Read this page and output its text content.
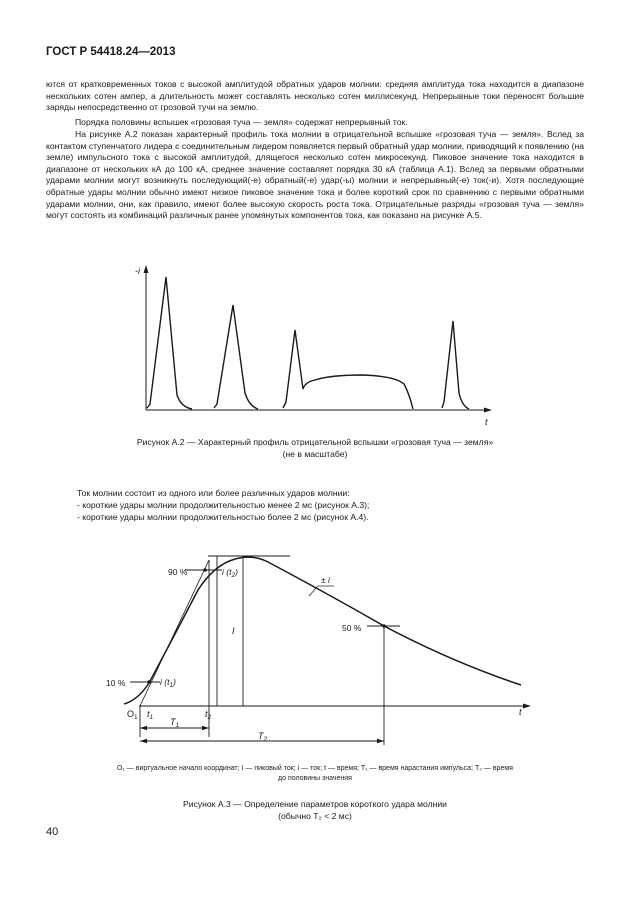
ГОСТ Р 54418.24—2013

ются от кратковременных токов с высокой амплитудой обратных ударов молнии: средняя амплитуда тока находится в диапазоне нескольких сотен ампер, а длительность может составлять несколько сотен миллисекунд. Непрерывные токи переносят большие заряды непосредственно от грозовой тучи на землю.

Порядка половины вспышек «грозовая туча — земля» содержат непрерывный ток.

На рисунке А.2 показан характерный профиль тока молнии в отрицательной вспышке «грозовая туча — земля». Вслед за контактом ступенчатого лидера с соединительным лидером появляется первый обратный удар молнии, приводящий к появлению (на земле) импульсного тока с высокой амплитудой, длящегося несколько сотен микросекунд. Пиковое значение тока находится в диапазоне от нескольких кА до 100 кА, среднее значение составляет порядка 30 кА (таблица А.1). Вслед за первыми обратными ударами молнии могут возникнуть последующий(-е) обратный(-е) удар(-ы) молнии и непрерывный(-е) ток(-и). Хотя последующие обратные удары молнии обычно имеют низкое пиковое значение тока и более короткий срок по сравнению с первыми обратными ударами молнии, они, как правило, имеют более высокую скорость роста тока. Отрицательные разряды «грозовая туча — земля» могут состоять из комбинаций различных ранее упомянутых компонентов тока, как показано на рисунке А.5.

-i
t
Рисунок А.2 — Характерный профиль отрицательной вспышки «грозовая туча — земля»
(не в масштабе)
Ток молнии состоит из одного или более различных ударов молнии:
- короткие удары молнии продолжительностью менее 2 мс (рисунок А.3);
- короткие удары молнии продолжительностью более 2 мс (рисунок А.4).
90 %
50 %
10 %
i $(t_2)$
i $(t_1)$
I
± i
$O_1$ $t_1$	$t_2$
$T_1$
$T_2$
t
O₁ — виртуальное начало координат; I — пиковый ток; i — ток; t — время; T₁ — время нарастания импульса; T₂ — время
до половины значения
Рисунок А.3 — Определение параметров короткого удара молнии
(обычно T₂ < 2 мс)
40
